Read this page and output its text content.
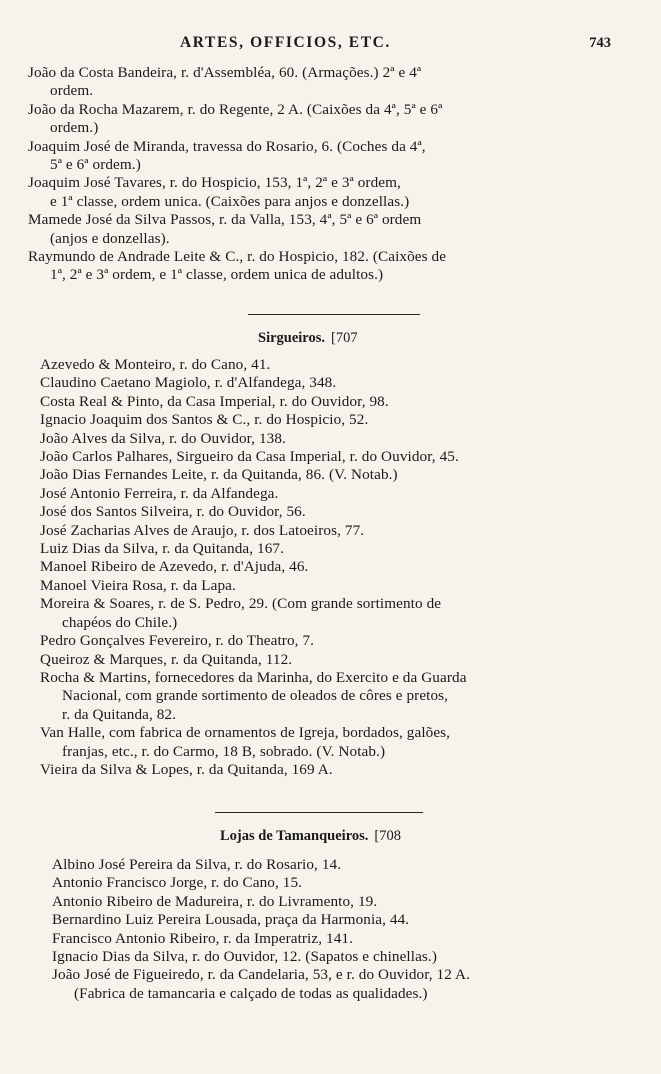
ARTES, OFFICIOS, ETC.	743
João da Costa Bandeira, r. d'Assembléa, 60. (Armações.) 2ª e 4ª
ordem.
João da Rocha Mazarem, r. do Regente, 2 A. (Caixões da 4ª, 5ª e 6ª
ordem.)
Joaquim José de Miranda, travessa do Rosario, 6. (Coches da 4ª,
5ª e 6ª ordem.)
Joaquim José Tavares, r. do Hospicio, 153, 1ª, 2ª e 3ª ordem,
e 1ª classe, ordem unica. (Caixões para anjos e donzellas.)
Mamede José da Silva Passos, r. da Valla, 153, 4ª, 5ª e 6ª ordem
(anjos e donzellas).
Raymundo de Andrade Leite & C., r. do Hospicio, 182. (Caixões de
1ª, 2ª e 3ª ordem, e 1ª classe, ordem unica de adultos.)
Sirgueiros. [707
Azevedo & Monteiro, r. do Cano, 41.
Claudino Caetano Magiolo, r. d'Alfandega, 348.
Costa Real & Pinto, da Casa Imperial, r. do Ouvidor, 98.
Ignacio Joaquim dos Santos & C., r. do Hospicio, 52.
João Alves da Silva, r. do Ouvidor, 138.
João Carlos Palhares, Sirgueiro da Casa Imperial, r. do Ouvidor, 45.
João Dias Fernandes Leite, r. da Quitanda, 86. (V. Notab.)
José Antonio Ferreira, r. da Alfandega.
José dos Santos Silveira, r. do Ouvidor, 56.
José Zacharias Alves de Araujo, r. dos Latoeiros, 77.
Luiz Dias da Silva, r. da Quitanda, 167.
Manoel Ribeiro de Azevedo, r. d'Ajuda, 46.
Manoel Vieira Rosa, r. da Lapa.
Moreira & Soares, r. de S. Pedro, 29. (Com grande sortimento de
chapéos do Chile.)
Pedro Gonçalves Fevereiro, r. do Theatro, 7.
Queiroz & Marques, r. da Quitanda, 112.
Rocha & Martins, fornecedores da Marinha, do Exercito e da Guarda
Nacional, com grande sortimento de oleados de côres e pretos,
r. da Quitanda, 82.
Van Halle, com fabrica de ornamentos de Igreja, bordados, galões,
franjas, etc., r. do Carmo, 18 B, sobrado. (V. Notab.)
Vieira da Silva & Lopes, r. da Quitanda, 169 A.
Lojas de Tamanqueiros. [708
Albino José Pereira da Silva, r. do Rosario, 14.
Antonio Francisco Jorge, r. do Cano, 15.
Antonio Ribeiro de Madureira, r. do Livramento, 19.
Bernardino Luiz Pereira Lousada, praça da Harmonia, 44.
Francisco Antonio Ribeiro, r. da Imperatriz, 141.
Ignacio Dias da Silva, r. do Ouvidor, 12. (Sapatos e chinellas.)
João José de Figueiredo, r. da Candelaria, 53, e r. do Ouvidor, 12 A.
(Fabrica de tamancaria e calçado de todas as qualidades.)
